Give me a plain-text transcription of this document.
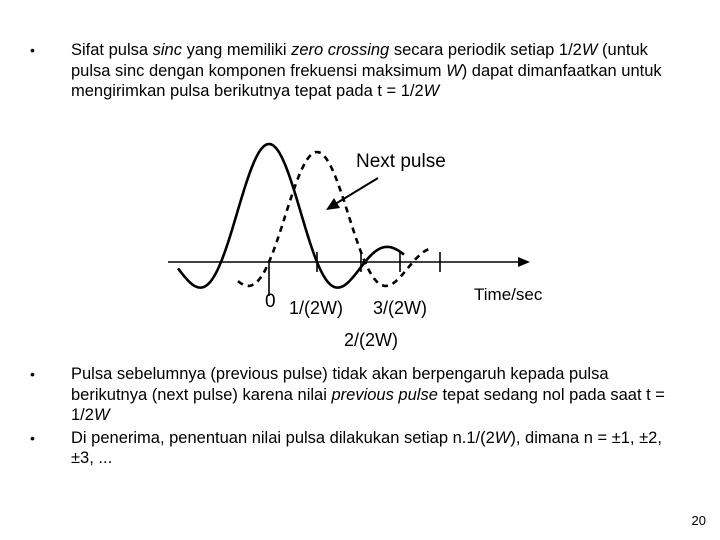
• Sifat pulsa sinc yang memiliki zero crossing secara periodik setiap 1/2W (untuk pulsa sinc dengan komponen frekuensi maksimum W) dapat dimanfaatkan untuk mengirimkan pulsa berikutnya tepat pada t = 1/2W
Next pulse
Time/sec
0 1/(2W) 3/(2W)
2/(2W)
• Pulsa sebelumnya (previous pulse) tidak akan berpengaruh kepada pulsa berikutnya (next pulse) karena nilai previous pulse tepat sedang nol pada saat t = 1/2W
• Di penerima, penentuan nilai pulsa dilakukan setiap n.1/(2W), dimana n = ±1, ±2, ±3, ...
20
